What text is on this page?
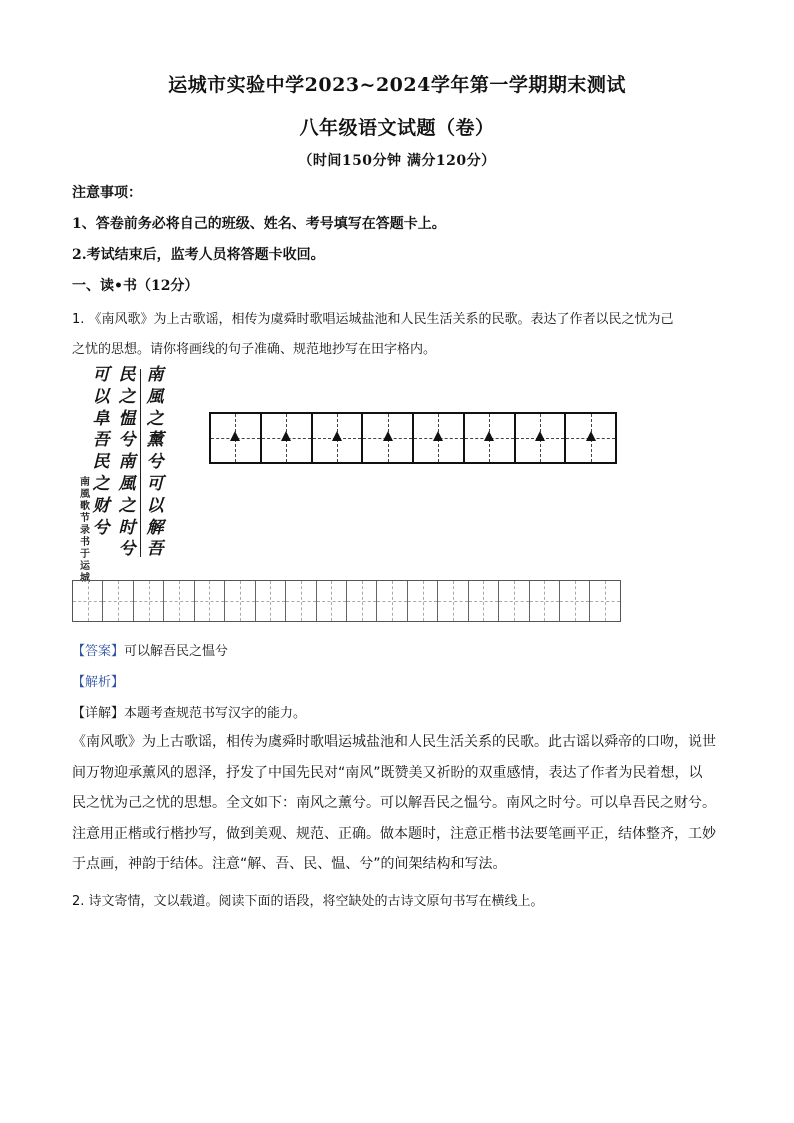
运城市实验中学2023~2024学年第一学期期末测试
八年级语文试题（卷）
（时间150分钟 满分120分）
注意事项：
1、答卷前务必将自己的班级、姓名、考号填写在答题卡上。
2.考试结束后，监考人员将答题卡收回。
一、读•书（12分）
1. 《南风歌》为上古歌谣，相传为虞舜时歌唱运城盐池和人民生活关系的民歌。表达了作者以民之忧为己
之忧的思想。请你将画线的句子准确、规范地抄写在田字格内。
可
以
阜
吾
民
之
财
兮
民
之
愠
兮
南
風
之
时
兮
南
風
之
薰
兮
可
以
解
吾
南
風
歌
节
录
书
于
运
城
【答案】可以解吾民之愠兮
【解析】
【详解】本题考查规范书写汉字的能力。
《南风歌》为上古歌谣，相传为虞舜时歌唱运城盐池和人民生活关系的民歌。此古谣以舜帝的口吻，说世
间万物迎承薰风的恩泽，抒发了中国先民对“南风”既赞美又祈盼的双重感情，表达了作者为民着想，以
民之忧为己之忧的思想。全文如下：南风之薰兮。可以解吾民之愠兮。南风之时兮。可以阜吾民之财兮。
注意用正楷或行楷抄写，做到美观、规范、正确。做本题时，注意正楷书法要笔画平正，结体整齐，工妙
于点画，神韵于结体。注意“解、吾、民、愠、兮”的间架结构和写法。
2. 诗文寄情，文以载道。阅读下面的语段，将空缺处的古诗文原句书写在横线上。
